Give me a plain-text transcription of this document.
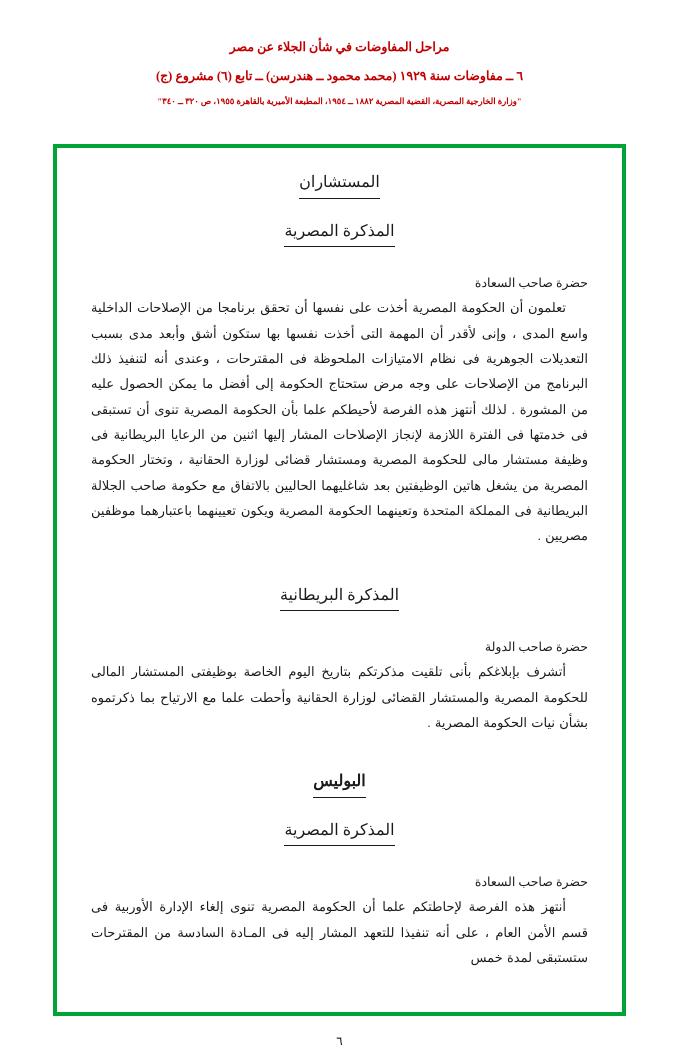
مراحل المفاوضات في شأن الجلاء عن مصر
٦ ــ مفاوضات سنة ١٩٢٩ (محمد محمود ــ هندرسن) ــ تابع (٦) مشروع (ج)
"وزارة الخارجية المصرية، القضية المصرية ١٨٨٢ ــ ١٩٥٤، المطبعة الأميرية بالقاهرة ١٩٥٥، ص ٣٢٠ ــ ٣٤٠"
المستشاران
المذكرة المصرية
حضرة صاحب السعادة

تعلمون أن الحكومة المصرية أخذت على نفسها أن تحقق برنامجا من الإصلاحات الداخلية واسع المدى ، وإنى لأقدر أن المهمة التى أخذت نفسها بها ستكون أشق وأبعد مدى بسبب التعديلات الجوهرية فى نظام الامتيازات الملحوظة فى المقترحات ، وعندى أنه لتنفيذ ذلك البرنامج من الإصلاحات على وجه مرض ستحتاج الحكومة إلى أفضل ما يمكن الحصول عليه من المشورة . لذلك أنتهز هذه الفرصة لأحيطكم علما بأن الحكومة المصرية تنوى أن تستبقى فى خدمتها فى الفترة اللازمة لإنجاز الإصلاحات المشار إليها اثنين من الرعايا البريطانية فى وظيفة مستشار مالى للحكومة المصرية ومستشار قضائى لوزارة الحقانية ، وتختار الحكومة المصرية من يشغل هاتين الوظيفتين بعد شاغليهما الحاليين بالاتفاق مع حكومة صاحب الجلالة البريطانية فى المملكة المتحدة وتعينهما الحكومة المصرية ويكون تعيينهما باعتبارهما موظفين مصريين .

المذكرة البريطانية
حضرة صاحب الدولة

أتشرف بإبلاغكم بأنى تلقيت مذكرتكم بتاريخ اليوم الخاصة بوظيفتى المستشار المالى للحكومة المصرية والمستشار القضائى لوزارة الحقانية وأحطت علما مع الارتياح بما ذكرتموه بشأن نيات الحكومة المصرية .

البوليس
المذكرة المصرية
حضرة صاحب السعادة

أنتهز هذه الفرصة لإحاطتكم علما أن الحكومة المصرية تنوى إلغاء الإدارة الأوربية فى قسم الأمن العام ، على أنه تنفيذا للتعهد المشار إليه فى المـادة السادسة من المقترحات ستستبقى لمدة خمس

٦
